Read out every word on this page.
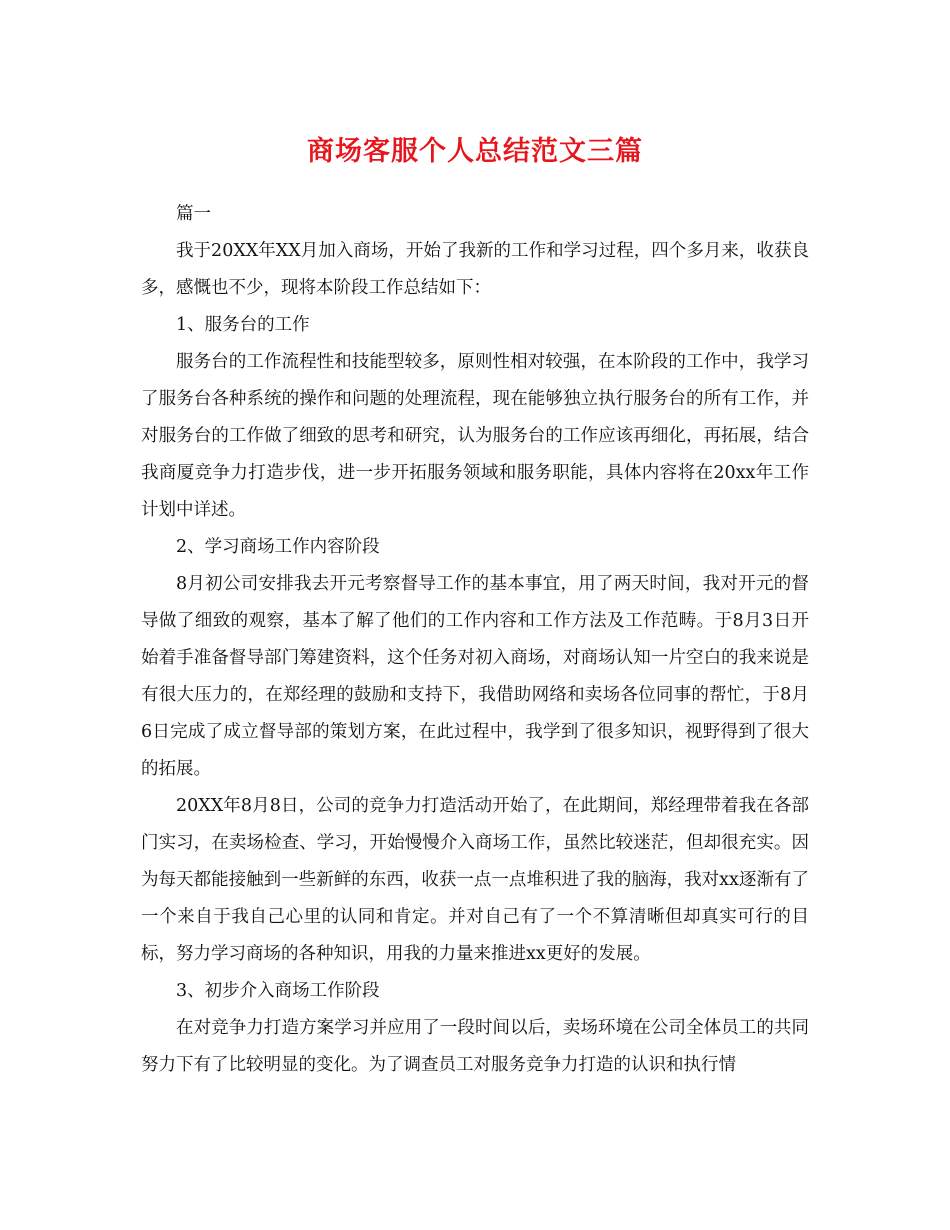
商场客服个人总结范文三篇

篇一

我于20XX年XX月加入商场，开始了我新的工作和学习过程，四个多月来，收获良多，感慨也不少，现将本阶段工作总结如下：

1、服务台的工作

服务台的工作流程性和技能型较多，原则性相对较强，在本阶段的工作中，我学习了服务台各种系统的操作和问题的处理流程，现在能够独立执行服务台的所有工作，并对服务台的工作做了细致的思考和研究，认为服务台的工作应该再细化，再拓展，结合我商厦竞争力打造步伐，进一步开拓服务领域和服务职能，具体内容将在20xx年工作计划中详述。

2、学习商场工作内容阶段

8月初公司安排我去开元考察督导工作的基本事宜，用了两天时间，我对开元的督导做了细致的观察，基本了解了他们的工作内容和工作方法及工作范畴。于8月3日开始着手准备督导部门筹建资料，这个任务对初入商场，对商场认知一片空白的我来说是有很大压力的，在郑经理的鼓励和支持下，我借助网络和卖场各位同事的帮忙，于8月6日完成了成立督导部的策划方案，在此过程中，我学到了很多知识，视野得到了很大的拓展。

20XX年8月8日，公司的竞争力打造活动开始了，在此期间，郑经理带着我在各部门实习，在卖场检查、学习，开始慢慢介入商场工作，虽然比较迷茫，但却很充实。因为每天都能接触到一些新鲜的东西，收获一点一点堆积进了我的脑海，我对xx逐渐有了一个来自于我自己心里的认同和肯定。并对自己有了一个不算清晰但却真实可行的目标，努力学习商场的各种知识，用我的力量来推进xx更好的发展。

3、初步介入商场工作阶段

在对竞争力打造方案学习并应用了一段时间以后，卖场环境在公司全体员工的共同努力下有了比较明显的变化。为了调查员工对服务竞争力打造的认识和执行情
